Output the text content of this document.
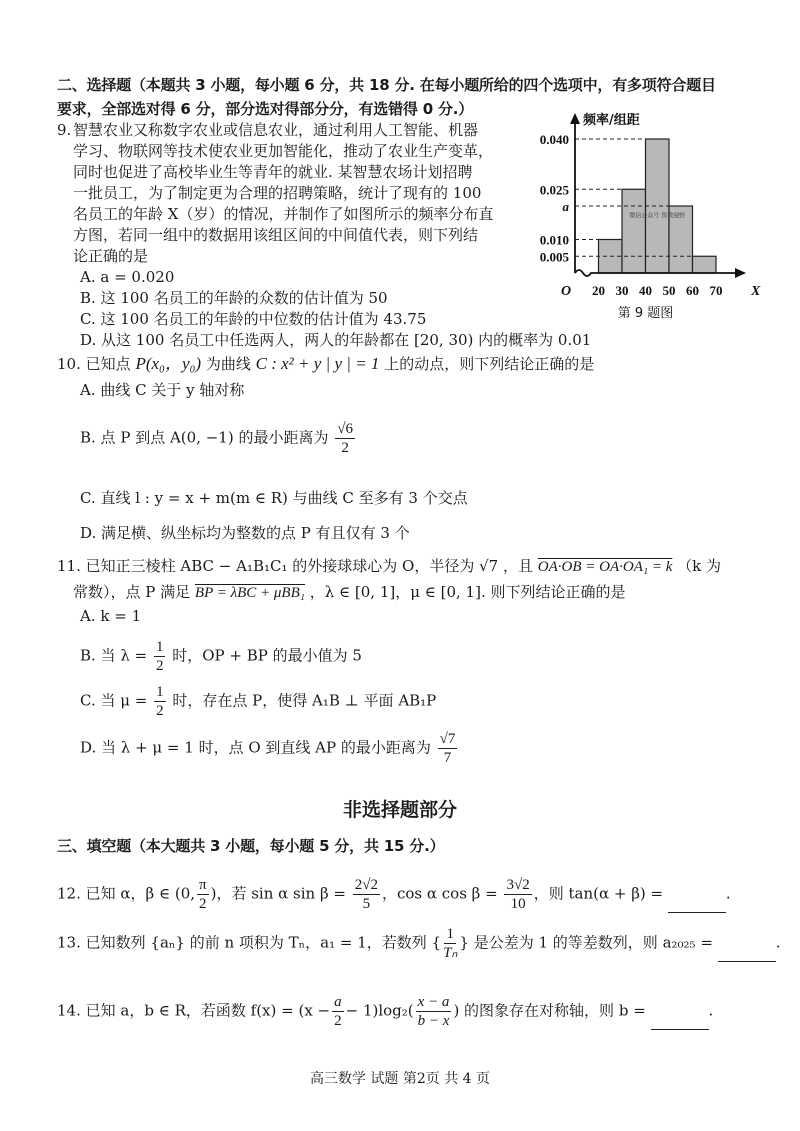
二、选择题（本题共 3 小题，每小题 6 分，共 18 分. 在每小题所给的四个选项中，有多项符合题目
要求，全部选对得 6 分，部分选对得部分分，有选错得 0 分.）
9. 智慧农业又称数字农业或信息农业，通过利用人工智能、机器
学习、物联网等技术使农业更加智能化，推动了农业生产变革，
同时也促进了高校毕业生等青年的就业. 某智慧农场计划招聘
一批员工，为了制定更为合理的招聘策略，统计了现有的 100
名员工的年龄 X（岁）的情况，并制作了如图所示的频率分布直
方图，若同一组中的数据用该组区间的中间值代表，则下列结
论正确的是
A. a = 0.020
B. 这 100 名员工的年龄的众数的估计值为 50
C. 这 100 名员工的年龄的中位数的估计值为 43.75
D. 从这 100 名员工中任选两人，两人的年龄都在 [20, 30) 内的概率为 0.01
0.040
0.025
a
0.010
0.005
频率/组距
X
O 20 30 40 50 60 70
微信公众号 资教视野
第 9 题图
10. 已知点 P(x₀，y₀) 为曲线 C : x² + y | y | = 1 上的动点，则下列结论正确的是
A. 曲线 C 关于 y 轴对称
B. 点 P 到点 A(0, −1) 的最小距离为 $\frac{√6}{2}$
C. 直线 l : y = x + m(m ∈ R) 与曲线 C 至多有 3 个交点
D. 满足横、纵坐标均为整数的点 P 有且仅有 3 个
11. 已知正三棱柱 ABC − A₁B₁C₁ 的外接球球心为 O，半径为 √7 ，且 OA·OB = OA·OA₁ = k （k 为
常数），点 P 满足 BP = λBC + μBB₁ ，λ ∈ [0, 1]，μ ∈ [0, 1]. 则下列结论正确的是
A. k = 1
B. 当 $\lambda = \frac{1}{2}$ 时，OP + BP 的最小值为 5
C. 当 $\mu = \frac{1}{2}$ 时，存在点 P，使得 A₁B ⊥ 平面 AB₁P
D. 当 λ + μ = 1 时，点 O 到直线 AP 的最小距离为 $\frac{√7}{7}$
非选择题部分
三、填空题（本大题共 3 小题，每小题 5 分，共 15 分.）
12. 已知 α，β ∈ (0, $\frac{\pi}{2}$ )，若 sin α $\sin \beta = \frac{2√2}{5}$ ，cos α $\cos \beta = \frac{3√2}{10}$ ，则 tan(α + β) =	.
13. 已知数列 {aₙ} 的前 n 项积为 Tₙ，a₁ = 1，若数列 { $\frac{1}{\text{Tₙ}}$ } 是公差为 1 的等差数列，则 a₂₀₂₅ =	.
14. 已知 a，b ∈ R，若函数 $f(x) = (x - \frac{a}{2} - 1)\log_2( \frac{x - a}{b - x}$ ) 的图象存在对称轴，则 b =	.
高三数学 试题 第2页 共 4 页
